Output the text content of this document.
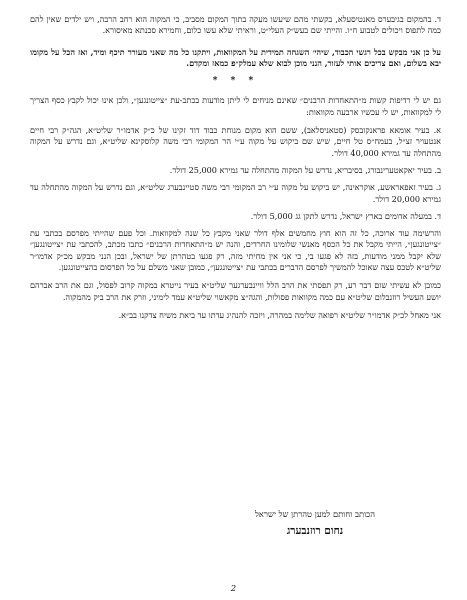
ד. בהמקום בגיבערס מאנטיסעלא, בקשתי מהם שיעשו מעקה בתוך המקום מסביב, כי המקוה הוא רחב הרבה, ויש ילדים שאין להם כמה לתפוס ויכולים לטבוע ח״ו. והייתי שם בעש״ק העלי״ט, וראיתי שלא עשו כלום, וחמירא סכנתא מאיסורא.

על כן אני מבקש בכל רגשי הכבוד, שיהי׳ השגחה תמידית על המקוואות, ויתקנו כל מה שאני מעורר תיכף ומיד, ואז הכל על מקומו יבא בשלום, ואם צריכים אותי לעזור, הנני מוכן לבוא שלא עמלק״פ כמאז ומקדם.

* * *

גם יש לי רדיפות קשות מ״התאחדות הרבנים״ שאינם מניחים לי ליתן מודעות בכתב-עת ״צייטונגען״, ולכן אינו יכול לקבץ כסף הצריך לי למקוואות, יש לי עכשיו ארבעה מקוואות:

א. בעיר אומאא פראנקובסק (סטאניסלאב), ששם הוא מקום מנוחת כבוד דוד זקינו של כ״ק אדמו״ר שליט״א, הגה״ק רבי חיים אנטעויר זצ״ל, בעמח״ס טל חיים, שיש שם ביקוש על מקוה ע״י הר המקומי רבי משה קלוסקינא שליט״א, וגם נדרש על המקוה מהתחלה עד גמירא 40,000 דולר.

ב. בעיר יאקאטערינבורג, בסיבריא, נדרש על המקוה מהתחלה עד גמירא 25,000 דולר.

ג. בעיר זאפאראשע, אוקראינה, יש ביקוש על מקוה ע״י רב המקומי רבי משה סטיינבערג שליט״א, וגם נדרש על המקוה מהתחלה עד גמירא 20,000 דולר.

ד. במעלה אדומים בארץ ישראל, נדרש לתקן גג 5,000 דולר.

והרשימה עוד ארוכה, כל זה הוא חוץ מחמשים אלף דולר שאני מקבץ כל שנה למקוואות. וכל פעם שהייתי מפרסם בכתבי עת ״צייטונגען״, הייתי מקבל את כל הכסף מאנשי שלומינו החרדים, והנה יש מ״התאחדות הרבנים״ כתבו מכתב, להכתבי עת ״צייטונגען״ שלא יקבל ממני מודעות, בזה לא פגעו בי, כי אני אין מחיתי מזה, רק פגעו בטהרתן של ישראל, ובכן הנני מבקש מכ״ק אדמו״ר שליט״א לטכס עצה שאוכל להמשיך לפרסם הדברים בכתבי עת ״צייטונגען״, כמובן שאני משלם על כל הפרסום בהצייטונגען.

כמובן לא עשיתי שום דבר רע, רק תפסתי את הרב הלל וויינבערגער שליט״א בעיר נייטרא במקוה קרוב לפסול, וגם את הרב אברהם יושע העשיל רוזנבלום שליט״א עם כמה מקוואות פסולות, והגה״צ מקאשוי שליט״א עמד לימיני, וזרק את הרב ביק מהמקוה.

אני מאחל לכ״ק אדמו״ר שליט״א רפואה שלימה במהרה, ויזכה להנהיג עדתו עד ביאת משיח צדקנו בב״א.

הכותב וחותם למען טהרתן של ישראל
נחום רוזנבערג
2
